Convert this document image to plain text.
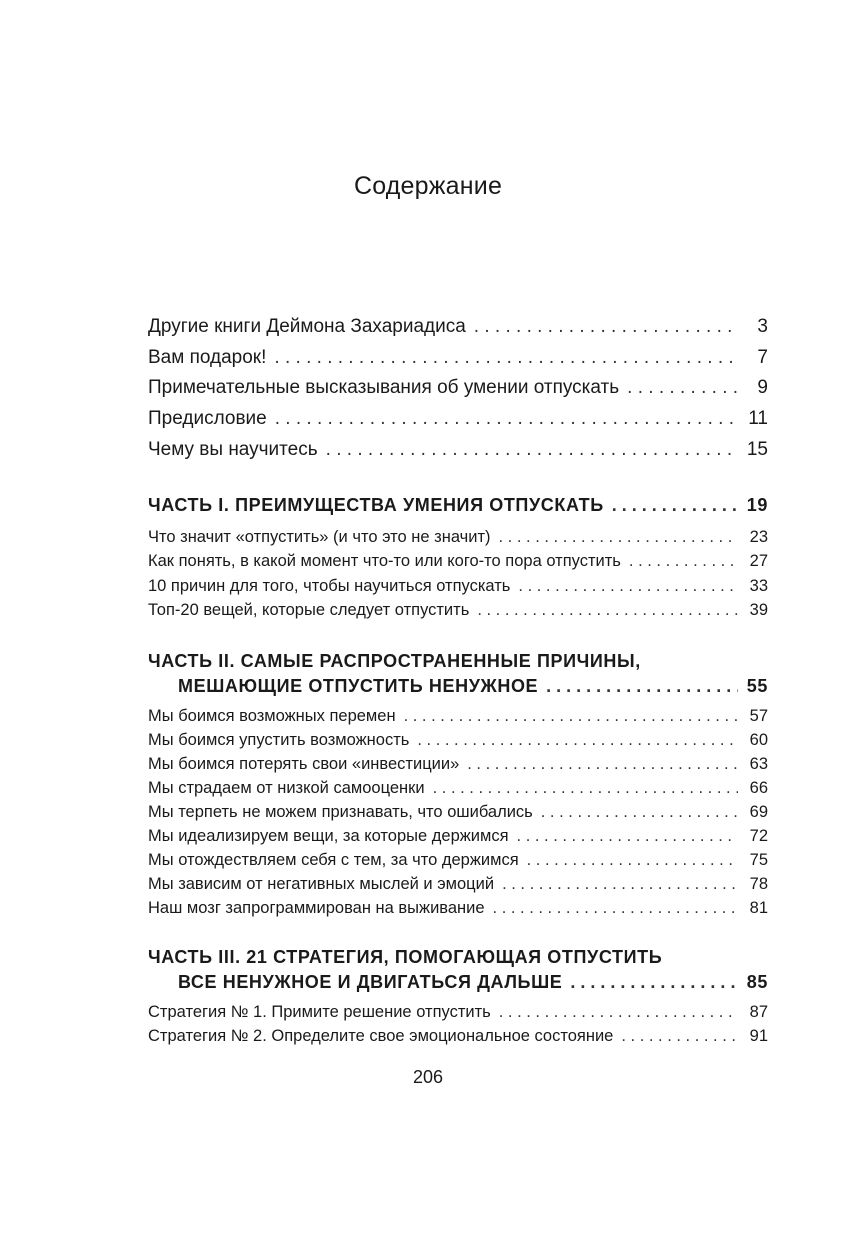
Содержание
Другие книги Деймона Захариадиса . . .	3
Вам подарок! . . .	7
Примечательные высказывания об умении отпускать . . .	9
Предисловие . . .	11
Чему вы научитесь . . .	15
ЧАСТЬ I. ПРЕИМУЩЕСТВА УМЕНИЯ ОТПУСКАТЬ . . .	19
Что значит «отпустить» (и что это не значит) . . .	23
Как понять, в какой момент что-то или кого-то пора отпустить . . .	27
10 причин для того, чтобы научиться отпускать . . .	33
Топ-20 вещей, которые следует отпустить . . .	39
ЧАСТЬ II. САМЫЕ РАСПРОСТРАНЕННЫЕ ПРИЧИНЫ,
МЕШАЮЩИЕ ОТПУСТИТЬ НЕНУЖНОЕ . . .	55
Мы боимся возможных перемен . . .	57
Мы боимся упустить возможность . . .	60
Мы боимся потерять свои «инвестиции» . . .	63
Мы страдаем от низкой самооценки . . .	66
Мы терпеть не можем признавать, что ошибались . . .	69
Мы идеализируем вещи, за которые держимся . . .	72
Мы отождествляем себя с тем, за что держимся . . .	75
Мы зависим от негативных мыслей и эмоций . . .	78
Наш мозг запрограммирован на выживание . . .	81
ЧАСТЬ III. 21 СТРАТЕГИЯ, ПОМОГАЮЩАЯ ОТПУСТИТЬ
ВСЕ НЕНУЖНОЕ И ДВИГАТЬСЯ ДАЛЬШЕ . . .	85
Стратегия № 1. Примите решение отпустить . . .	87
Стратегия № 2. Определите свое эмоциональное состояние . . .	91
206
